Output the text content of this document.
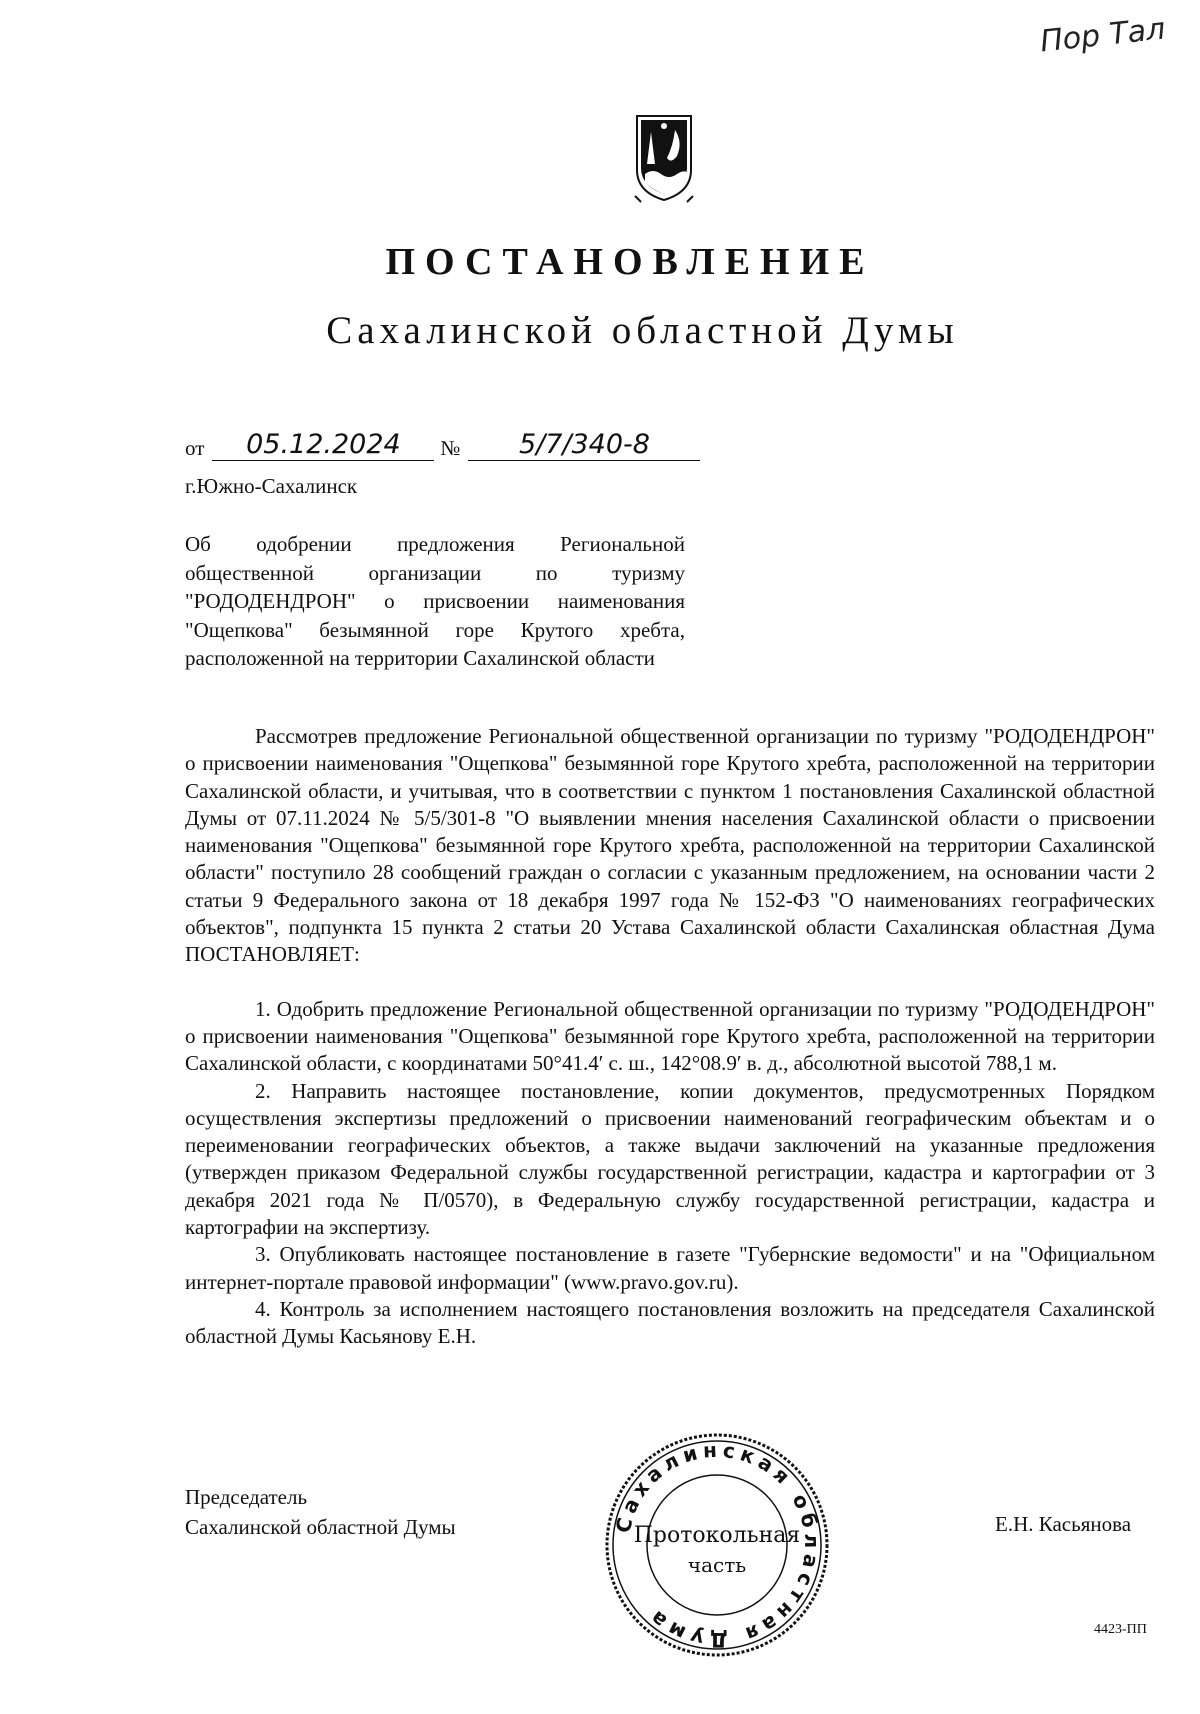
Пор Тал
ПОСТАНОВЛЕНИЕ
Сахалинской областной Думы
от	05.12.2024	№	5/7/340-8
г.Южно-Сахалинск
Об одобрении предложения Региональной общественной организации по туризму "РОДОДЕНДРОН" о присвоении наименования "Ощепкова" безымянной горе Крутого хребта, расположенной на территории Сахалинской области

Рассмотрев предложение Региональной общественной организации по туризму "РОДОДЕНДРОН" о присвоении наименования "Ощепкова" безымянной горе Крутого хребта, расположенной на территории Сахалинской области, и учитывая, что в соответствии с пунктом 1 постановления Сахалинской областной Думы от 07.11.2024 № 5/5/301-8 "О выявлении мнения населения Сахалинской области о присвоении наименования "Ощепкова" безымянной горе Крутого хребта, расположенной на территории Сахалинской области" поступило 28 сообщений граждан о согласии с указанным предложением, на основании части 2 статьи 9 Федерального закона от 18 декабря 1997 года № 152-ФЗ "О наименованиях географических объектов", подпункта 15 пункта 2 статьи 20 Устава Сахалинской области Сахалинская областная Дума ПОСТАНОВЛЯЕТ:

1. Одобрить предложение Региональной общественной организации по туризму "РОДОДЕНДРОН" о присвоении наименования "Ощепкова" безымянной горе Крутого хребта, расположенной на территории Сахалинской области, с координатами 50°41.4′ с. ш., 142°08.9′ в. д., абсолютной высотой 788,1 м.

2. Направить настоящее постановление, копии документов, предусмотренных Порядком осуществления экспертизы предложений о присвоении наименований географическим объектам и о переименовании географических объектов, а также выдачи заключений на указанные предложения (утвержден приказом Федеральной службы государственной регистрации, кадастра и картографии от 3 декабря 2021 года № П/0570), в Федеральную службу государственной регистрации, кадастра и картографии на экспертизу.

3. Опубликовать настоящее постановление в газете "Губернские ведомости" и на "Официальном интернет-портале правовой информации" (www.pravo.gov.ru).

4. Контроль за исполнением настоящего постановления возложить на председателя Сахалинской областной Думы Касьянову Е.Н.

Председатель
Сахалинской областной Думы	Е.Н. Касьянова
Сахалинская областная Дума
Протокольная
часть
4423-ПП
